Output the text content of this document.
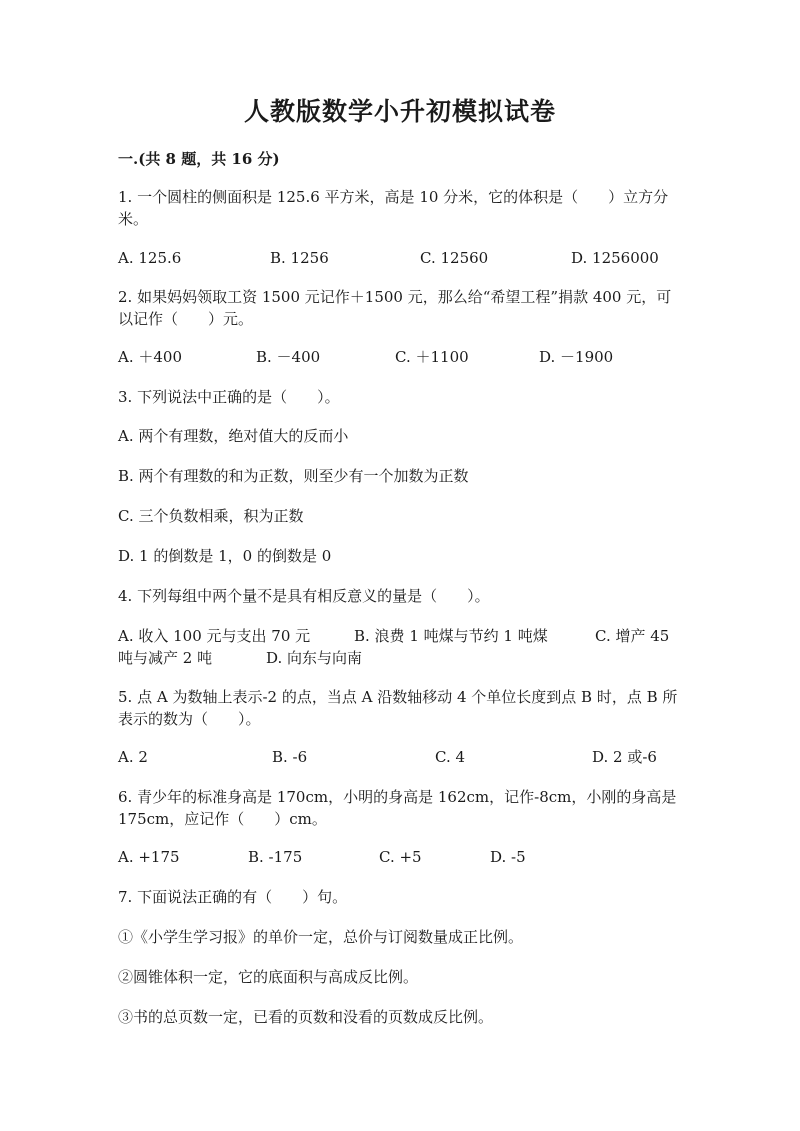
人教版数学小升初模拟试卷
一.(共 8 题，共 16 分)
1. 一个圆柱的侧面积是 125.6 平方米，高是 10 分米，它的体积是（　　）立方分米。
A. 125.6	B. 1256	C. 12560	D. 1256000
2. 如果妈妈领取工资 1500 元记作＋1500 元，那么给“希望工程”捐款 400 元，可以记作（　　）元。
A. ＋400	B. －400	C. ＋1100	D. －1900
3. 下列说法中正确的是（　　）。
A. 两个有理数，绝对值大的反而小
B. 两个有理数的和为正数，则至少有一个加数为正数
C. 三个负数相乘，积为正数
D. 1 的倒数是 1，0 的倒数是 0
4. 下列每组中两个量不是具有相反意义的量是（　　）。
A. 收入 100 元与支出 70 元	B. 浪费 1 吨煤与节约 1 吨煤	C. 增产 45
吨与减产 2 吨	D. 向东与向南
5. 点 A 为数轴上表示-2 的点，当点 A 沿数轴移动 4 个单位长度到点 B 时，点 B 所表示的数为（　　）。
A. 2	B. -6	C. 4	D. 2 或-6
6. 青少年的标准身高是 170cm，小明的身高是 162cm，记作-8cm，小刚的身高是 175cm，应记作（　　）cm。
A. +175	B. -175	C. +5	D. -5
7. 下面说法正确的有（　　）句。
①《小学生学习报》的单价一定，总价与订阅数量成正比例。
②圆锥体积一定，它的底面积与高成反比例。
③书的总页数一定，已看的页数和没看的页数成反比例。
